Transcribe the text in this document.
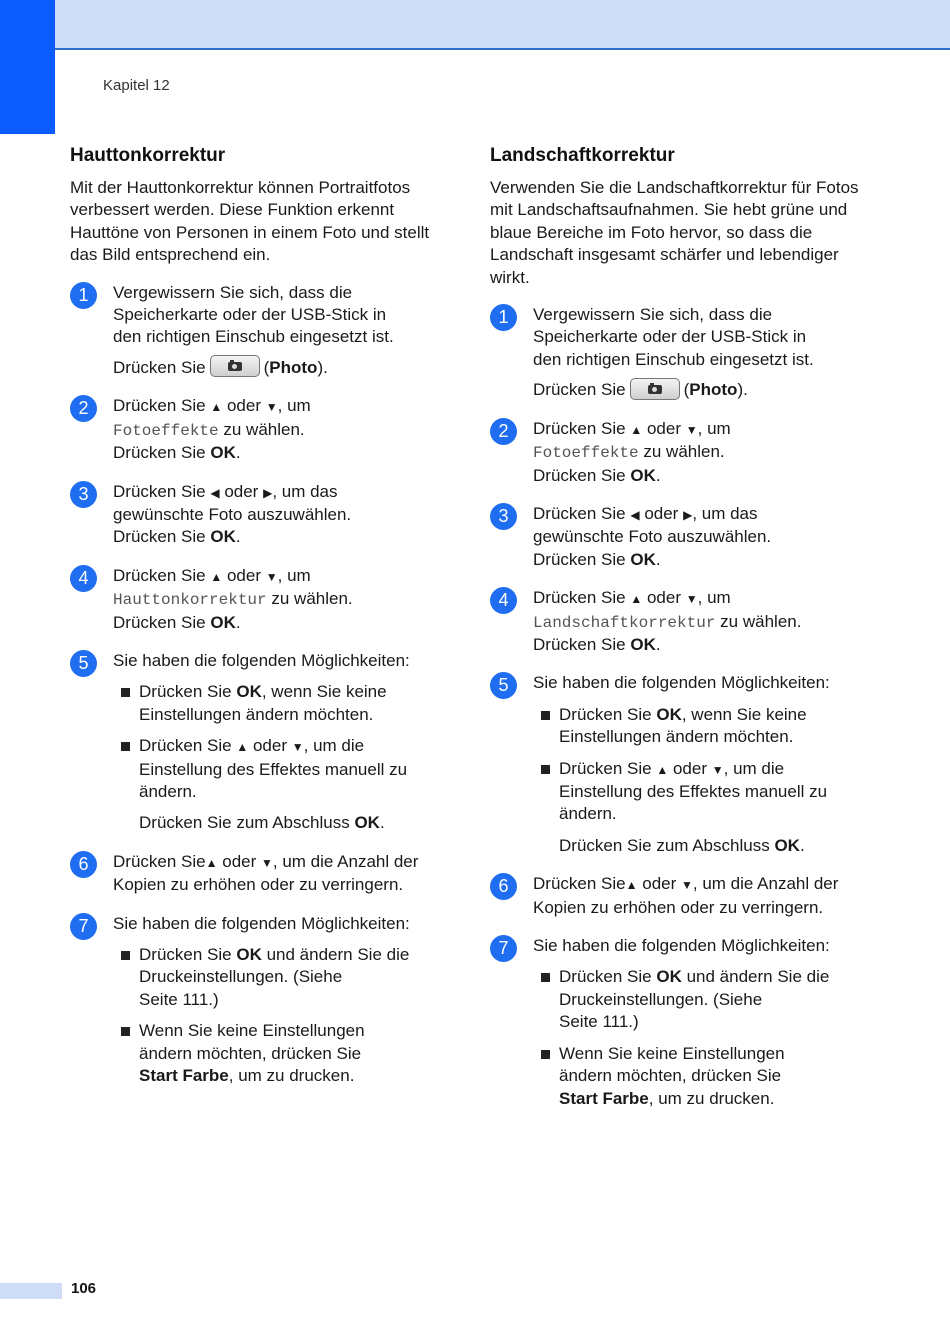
Kapitel 12
Hauttonkorrektur

Mit der Hauttonkorrektur können Portraitfotos verbessert werden. Diese Funktion erkennt Hauttöne von Personen in einem Foto und stellt das Bild entsprechend ein.

1	Vergewissern Sie sich, dass die
Speicherkarte oder der USB-Stick in
den richtigen Einschub eingesetzt ist.
Drücken Sie	(Photo).
2	Drücken Sie ▲ oder ▼, um
Fotoeffekte zu wählen.
Drücken Sie OK.
3	Drücken Sie ◀ oder ▶, um das
gewünschte Foto auszuwählen.
Drücken Sie OK.
4	Drücken Sie ▲ oder ▼, um
Hauttonkorrektur zu wählen.
Drücken Sie OK.
5	Sie haben die folgenden Möglichkeiten:
Drücken Sie OK, wenn Sie keine
Einstellungen ändern möchten.
Drücken Sie ▲ oder ▼, um die
Einstellung des Effektes manuell zu
ändern.
Drücken Sie zum Abschluss OK.
6	Drücken Sie▲ oder ▼, um die Anzahl der
Kopien zu erhöhen oder zu verringern.
7	Sie haben die folgenden Möglichkeiten:
Drücken Sie OK und ändern Sie die
Druckeinstellungen. (Siehe
Seite 111.)
Wenn Sie keine Einstellungen
ändern möchten, drücken Sie
Start Farbe, um zu drucken.
Landschaftkorrektur

Verwenden Sie die Landschaftkorrektur für Fotos mit Landschaftsaufnahmen. Sie hebt grüne und blaue Bereiche im Foto hervor, so dass die Landschaft insgesamt schärfer und lebendiger wirkt.

1	Vergewissern Sie sich, dass die
Speicherkarte oder der USB-Stick in
den richtigen Einschub eingesetzt ist.
Drücken Sie	(Photo).
2	Drücken Sie ▲ oder ▼, um
Fotoeffekte zu wählen.
Drücken Sie OK.
3	Drücken Sie ◀ oder ▶, um das
gewünschte Foto auszuwählen.
Drücken Sie OK.
4	Drücken Sie ▲ oder ▼, um
Landschaftkorrektur zu wählen.
Drücken Sie OK.
5	Sie haben die folgenden Möglichkeiten:
Drücken Sie OK, wenn Sie keine
Einstellungen ändern möchten.
Drücken Sie ▲ oder ▼, um die
Einstellung des Effektes manuell zu
ändern.
Drücken Sie zum Abschluss OK.
6	Drücken Sie▲ oder ▼, um die Anzahl der
Kopien zu erhöhen oder zu verringern.
7	Sie haben die folgenden Möglichkeiten:
Drücken Sie OK und ändern Sie die
Druckeinstellungen. (Siehe
Seite 111.)
Wenn Sie keine Einstellungen
ändern möchten, drücken Sie
Start Farbe, um zu drucken.
106
